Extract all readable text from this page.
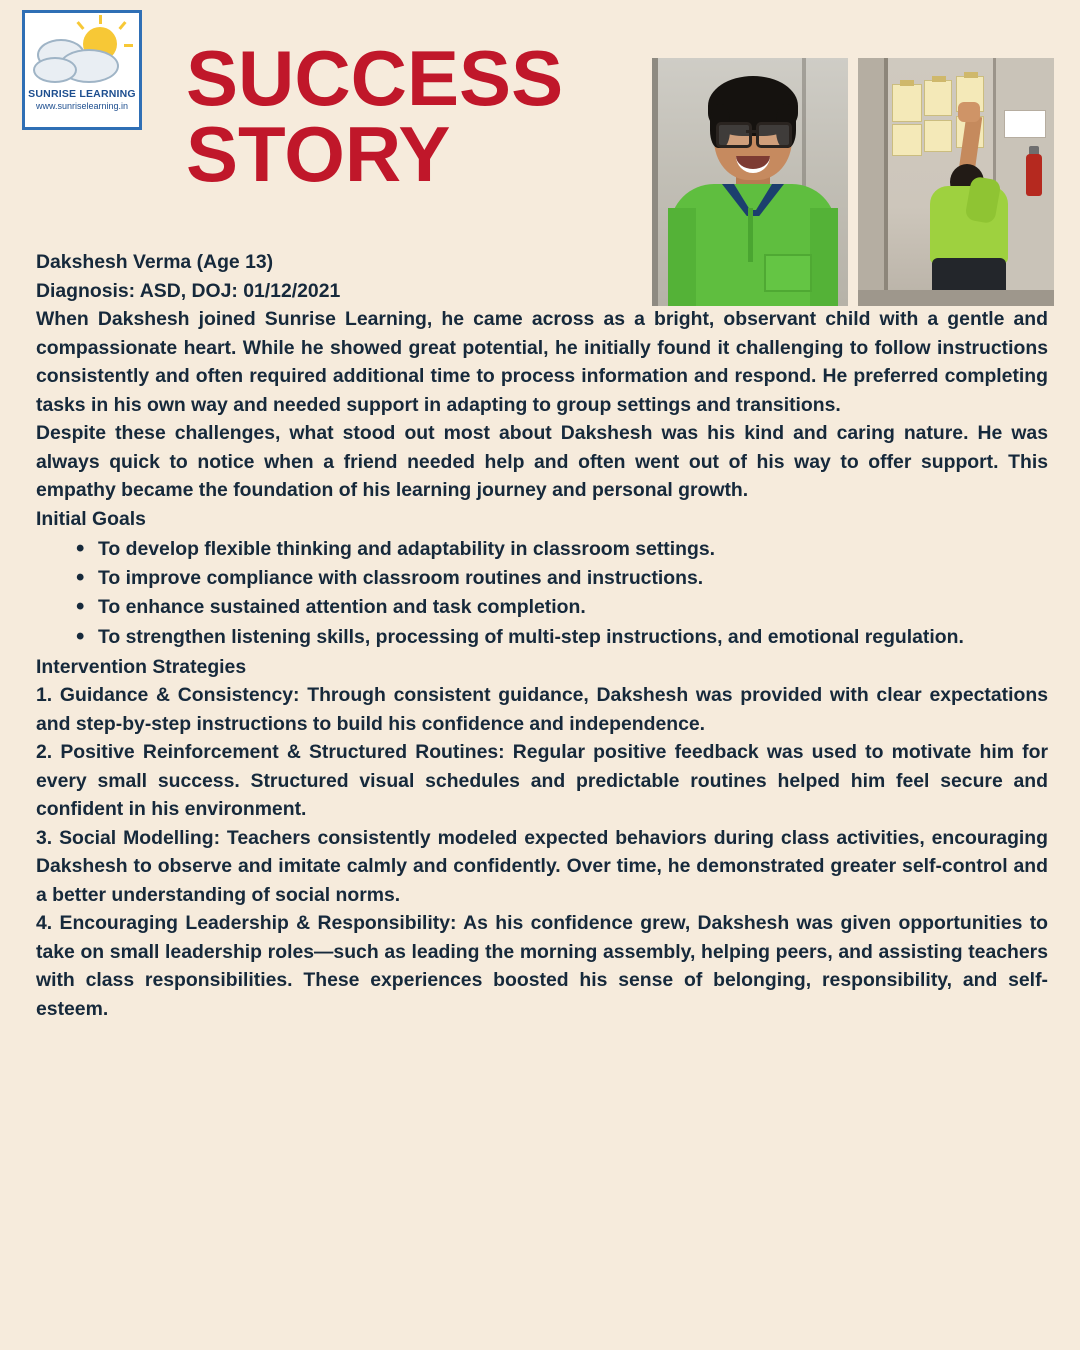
SUNRISE LEARNING
www.sunriselearning.in SUCCESS
STORY

Dakshesh Verma (Age 13)

Diagnosis: ASD, DOJ: 01/12/2021

When Dakshesh joined Sunrise Learning, he came across as a bright, observant child with a gentle and compassionate heart. While he showed great potential, he initially found it challenging to follow instructions consistently and often required additional time to process information and respond. He preferred completing tasks in his own way and needed support in adapting to group settings and transitions.

Despite these challenges, what stood out most about Dakshesh was his kind and caring nature. He was always quick to notice when a friend needed help and often went out of his way to offer support. This empathy became the foundation of his learning journey and personal growth.

Initial Goals

• To develop flexible thinking and adaptability in classroom settings.
• To improve compliance with classroom routines and instructions.
• To enhance sustained attention and task completion.
• To strengthen listening skills, processing of multi-step instructions, and emotional regulation.

Intervention Strategies

1. Guidance & Consistency: Through consistent guidance, Dakshesh was provided with clear expectations and step-by-step instructions to build his confidence and independence.

2. Positive Reinforcement & Structured Routines: Regular positive feedback was used to motivate him for every small success. Structured visual schedules and predictable routines helped him feel secure and confident in his environment.

3. Social Modelling: Teachers consistently modeled expected behaviors during class activities, encouraging Dakshesh to observe and imitate calmly and confidently. Over time, he demonstrated greater self-control and a better understanding of social norms.

4. Encouraging Leadership & Responsibility: As his confidence grew, Dakshesh was given opportunities to take on small leadership roles—such as leading the morning assembly, helping peers, and assisting teachers with class responsibilities. These experiences boosted his sense of belonging, responsibility, and self-esteem.
